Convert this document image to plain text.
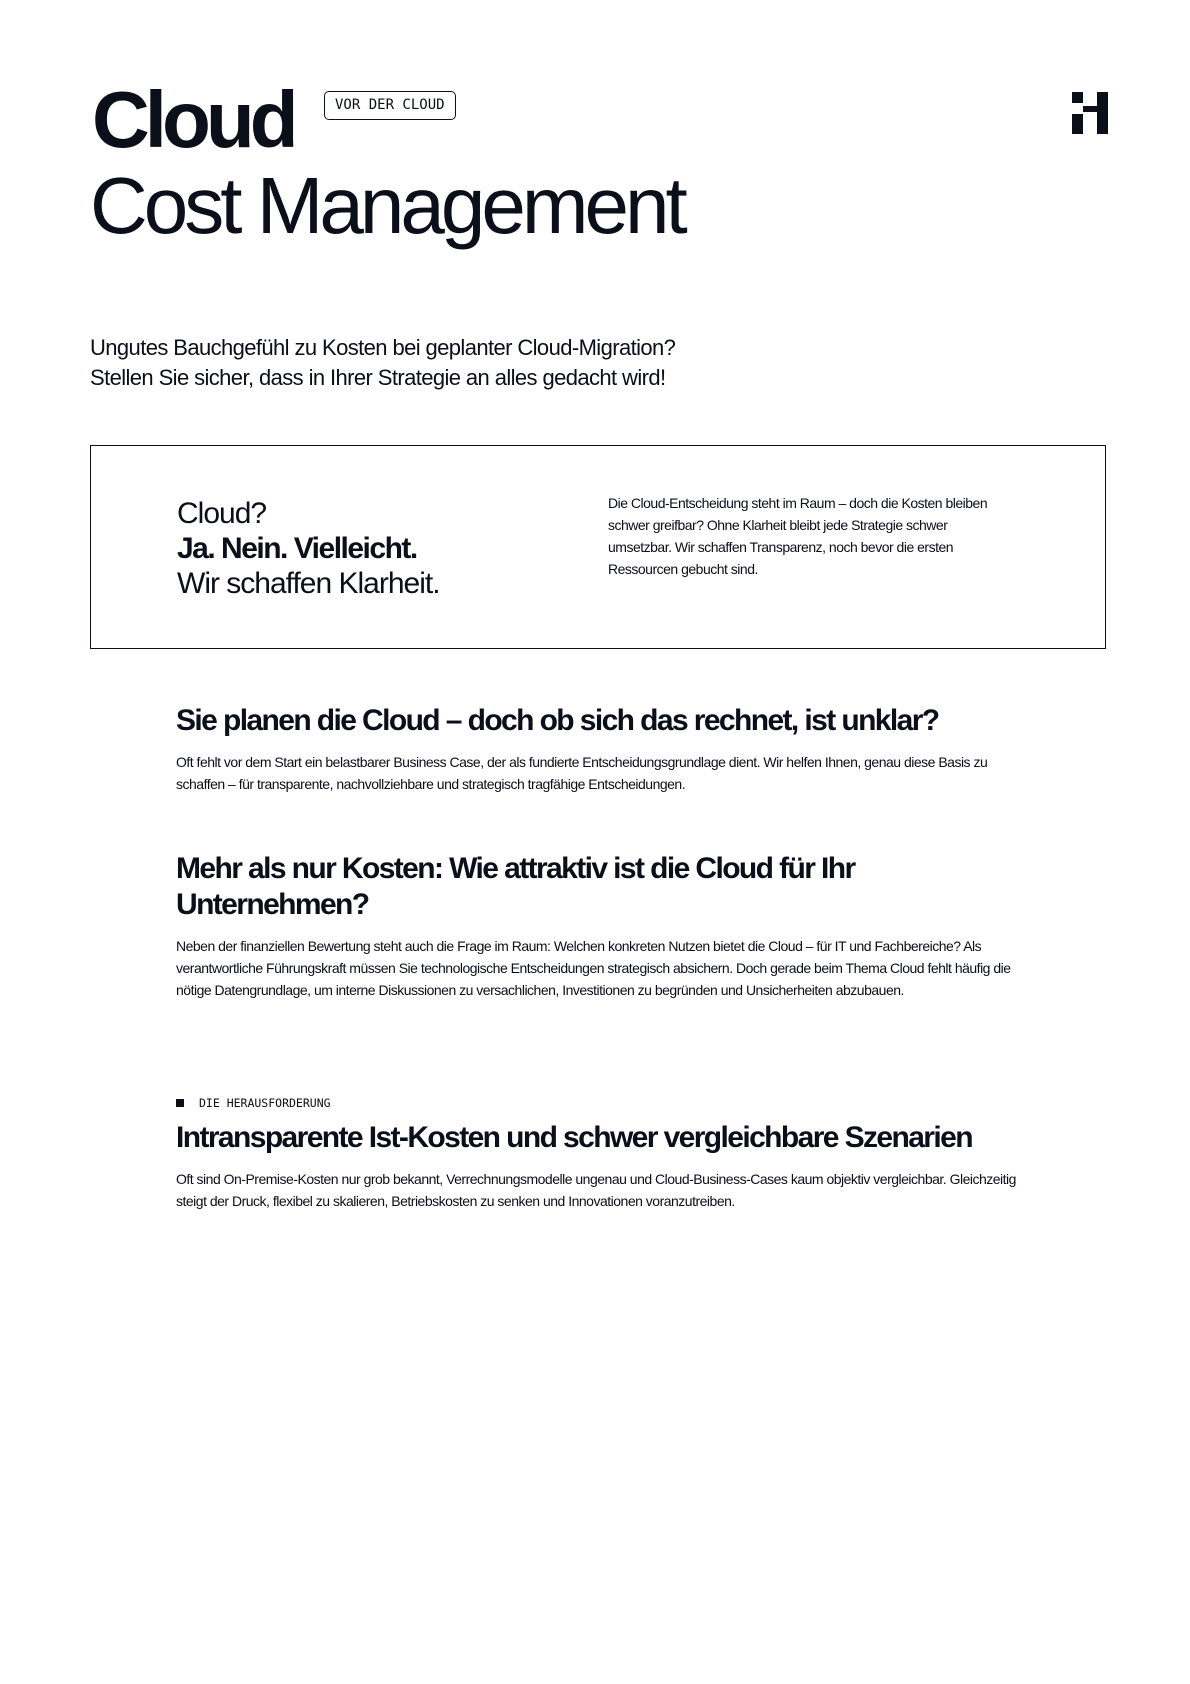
Cloud	VOR DER CLOUD
Cost Management

Ungutes Bauchgefühl zu Kosten bei geplanter Cloud-Migration?

Stellen Sie sicher, dass in Ihrer Strategie an alles gedacht wird!

Cloud?
Ja. Nein. Vielleicht.
Wir schaffen Klarheit.
Die Cloud-Entscheidung steht im Raum – doch die Kosten bleiben schwer greifbar? Ohne Klarheit bleibt jede Strategie schwer umsetzbar. Wir schaffen Transparenz, noch bevor die ersten Ressourcen gebucht sind.
Sie planen die Cloud – doch ob sich das rechnet, ist unklar?

Oft fehlt vor dem Start ein belastbarer Business Case, der als fundierte Entscheidungsgrundlage dient. Wir helfen Ihnen, genau diese Basis zu schaffen – für transparente, nachvollziehbare und strategisch tragfähige Entscheidungen.

Mehr als nur Kosten: Wie attraktiv ist die Cloud für Ihr Unternehmen?

Neben der finanziellen Bewertung steht auch die Frage im Raum: Welchen konkreten Nutzen bietet die Cloud – für IT und Fachbereiche? Als verantwortliche Führungskraft müssen Sie technologische Entscheidungen strategisch absichern. Doch gerade beim Thema Cloud fehlt häufig die nötige Datengrundlage, um interne Diskussionen zu versachlichen, Investitionen zu begründen und Unsicherheiten abzubauen.

DIE HERAUSFORDERUNG
Intransparente Ist-Kosten und schwer vergleichbare Szenarien

Oft sind On-Premise-Kosten nur grob bekannt, Verrechnungsmodelle ungenau und Cloud-Business-Cases kaum objektiv vergleichbar. Gleichzeitig steigt der Druck, flexibel zu skalieren, Betriebskosten zu senken und Innovationen voranzutreiben.
